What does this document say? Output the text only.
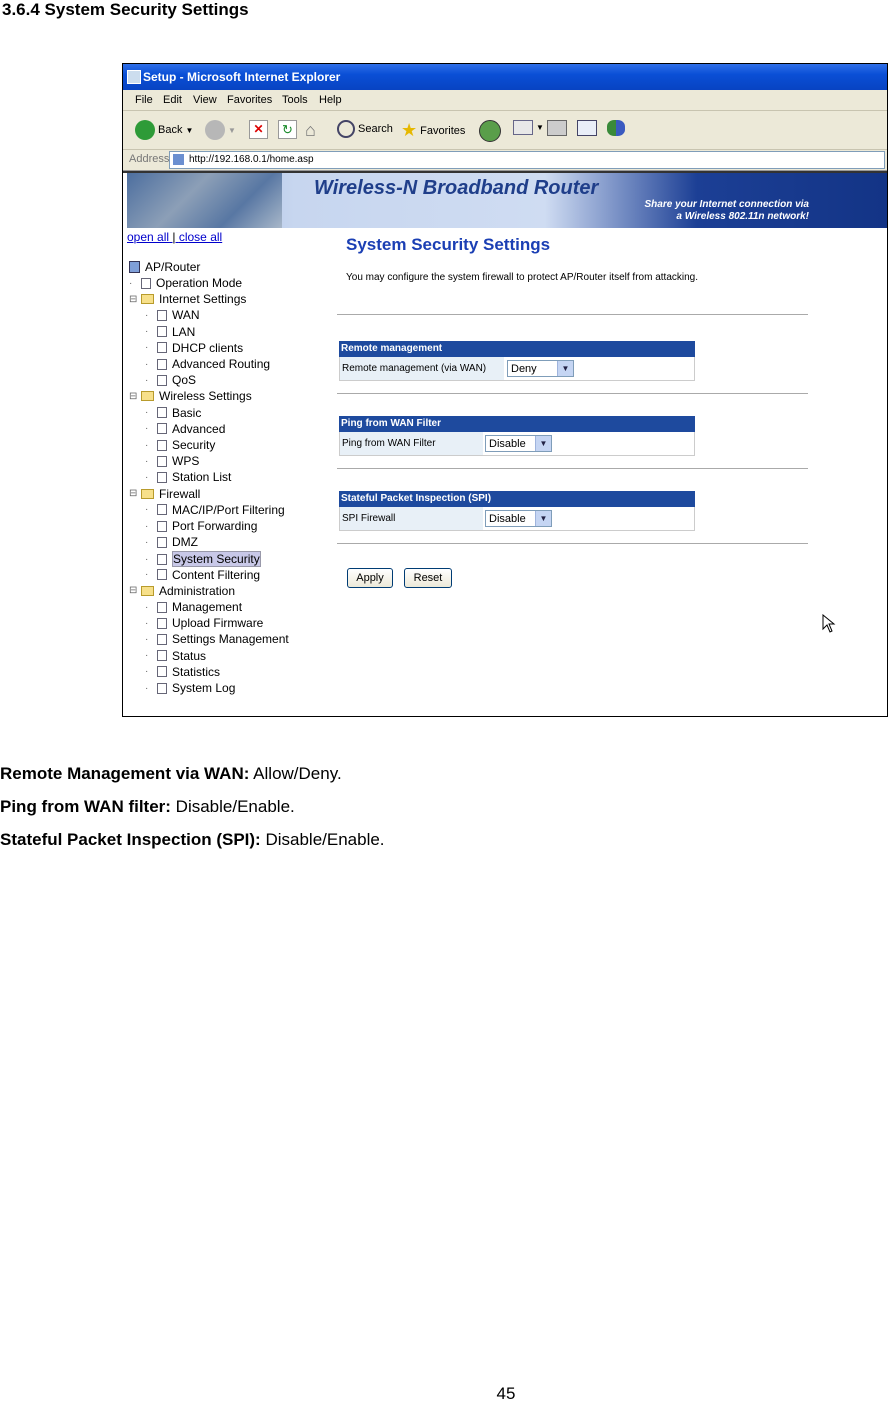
3.6.4 System Security Settings
Setup - Microsoft Internet Explorer
File Edit View Favorites Tools Help
Back ▼	▼	✕	↻ ⌂	Search ★ Favorites	▼
Address http://192.168.0.1/home.asp
Wireless-N Broadband Router
Share your Internet connection via
a Wireless 802.11n network!
open all | close all
AP/Router
·	Operation Mode
⊟ Internet Settings
·	WAN
·	LAN
·	DHCP clients
·	Advanced Routing
·	QoS
⊟ Wireless Settings
·	Basic
·	Advanced
·	Security
·	WPS
·	Station List
⊟ Firewall
·	MAC/IP/Port Filtering
·	Port Forwarding
·	DMZ
·	System Security
·	Content Filtering
⊟ Administration
·	Management
·	Upload Firmware
·	Settings Management
·	Status
·	Statistics
·	System Log
System Security Settings
You may configure the system firewall to protect AP/Router itself from attacking.
Remote management
Remote management (via WAN)	Deny	▼
Ping from WAN Filter
Ping from WAN Filter	Disable	▼
Stateful Packet Inspection (SPI)
SPI Firewall	Disable	▼
Apply	Reset
Remote Management via WAN: Allow/Deny.
Ping from WAN filter: Disable/Enable.
Stateful Packet Inspection (SPI): Disable/Enable.
45
